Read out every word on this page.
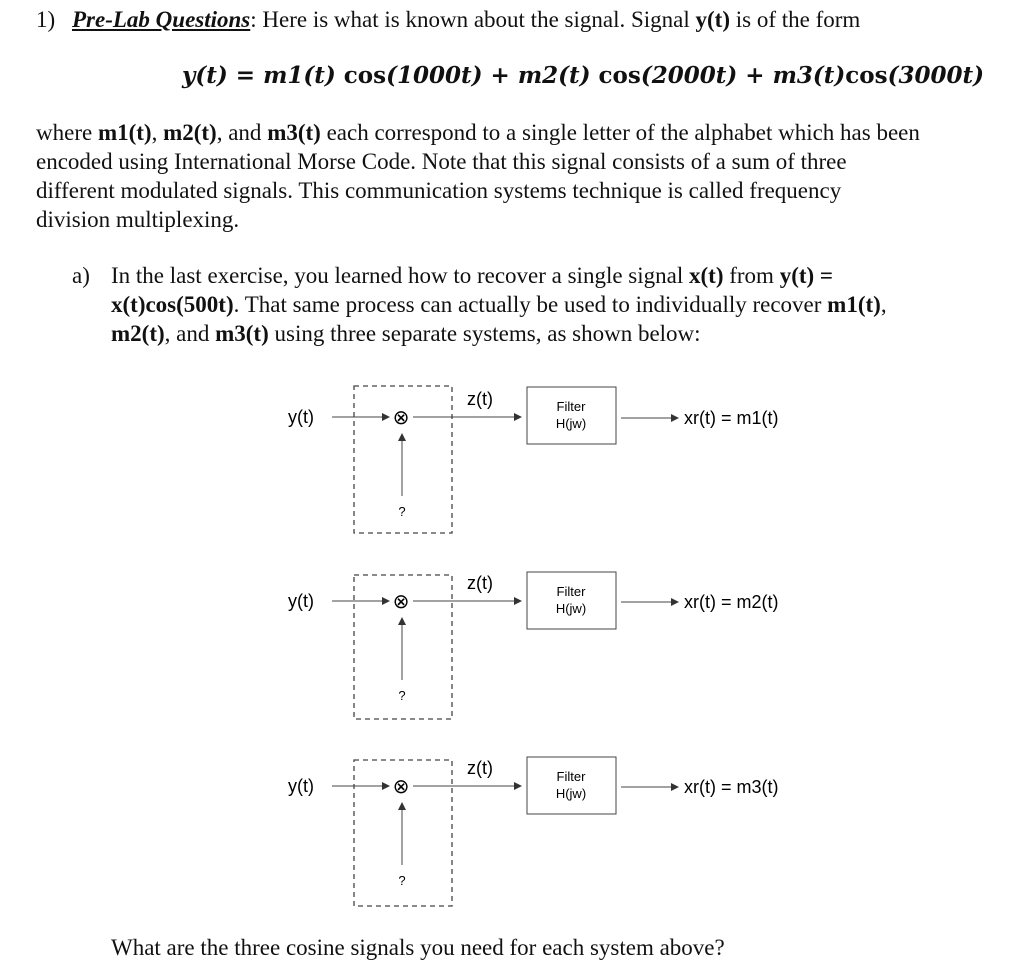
1) Pre-Lab Questions: Here is what is known about the signal. Signal y(t) is of the form
y(t) = m1(t) cos(1000t) + m2(t) cos(2000t) + m3(t)cos(3000t)
where m1(t), m2(t), and m3(t) each correspond to a single letter of the alphabet which has been
encoded using International Morse Code. Note that this signal consists of a sum of three
different modulated signals. This communication systems technique is called frequency
division multiplexing.
a) In the last exercise, you learned how to recover a single signal x(t) from y(t) =
x(t)cos(500t). That same process can actually be used to individually recover m1(t),
m2(t), and m3(t) using three separate systems, as shown below:
y(t)	⊗
?
z(t)	Filter
H(jw)	xr(t) = m1(t)
y(t)	⊗
?
z(t)	Filter
H(jw)	xr(t) = m2(t)
y(t)	⊗
?
z(t)	Filter
H(jw)	xr(t) = m3(t)
What are the three cosine signals you need for each system above?
